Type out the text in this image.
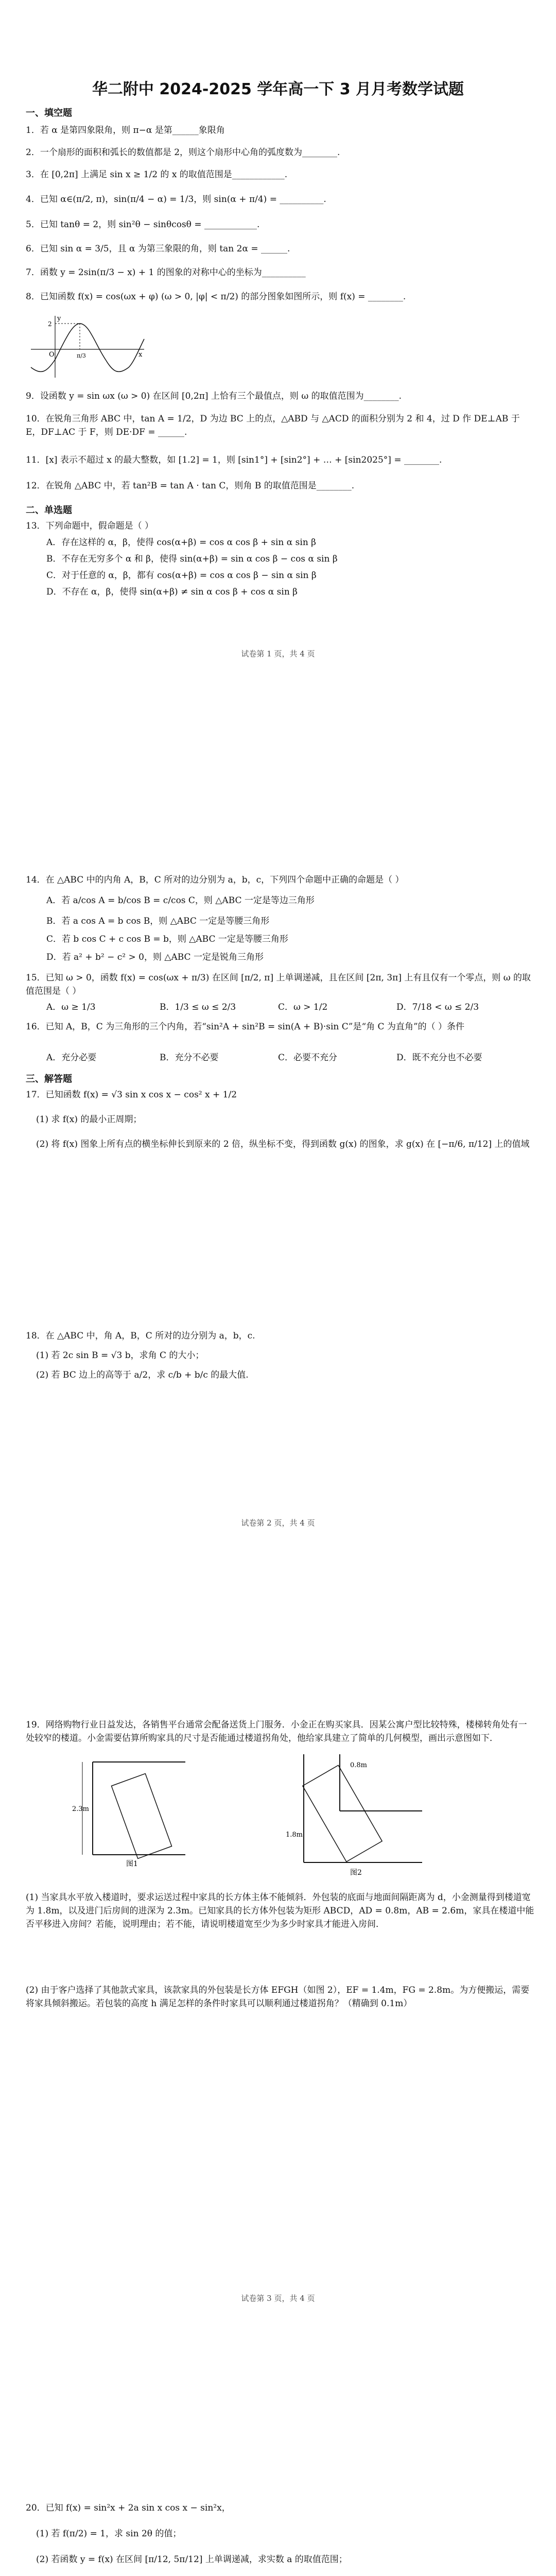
华二附中 2024-2025 学年高一下 3 月月考数学试题
一、填空题
1．若 α 是第四象限角，则 π−α 是第______象限角
2．一个扇形的面积和弧长的数值都是 2，则这个扇形中心角的弧度数为________.
3．在 [0,2π] 上满足 sin x ≥ 1/2 的 x 的取值范围是____________.
4．已知 α∈(π/2, π)，sin(π/4 − α) = 1/3，则 sin(α + π/4) = __________.
5．已知 tanθ = 2，则 sin²θ − sinθcosθ = ____________.
6．已知 sin α = 3/5，且 α 为第三象限的角，则 tan 2α = ______.
7．函数 y = 2sin(π/3 − x) + 1 的图象的对称中心的坐标为__________
8．已知函数 f(x) = cos(ωx + φ) (ω > 0, |φ| < π/2) 的部分图象如图所示，则 f(x) = ________.
y
x
O
2
π/3
9．设函数 y = sin ωx (ω > 0) 在区间 [0,2π] 上恰有三个最值点，则 ω 的取值范围为________.
10．在锐角三角形 ABC 中，tan A = 1/2，D 为边 BC 上的点，△ABD 与 △ACD 的面积分别为 2 和 4，过 D 作 DE⊥AB 于 E，DF⊥AC 于 F，则 DE·DF = ______.
11．[x] 表示不超过 x 的最大整数，如 [1.2] = 1，则 [sin1°] + [sin2°] + … + [sin2025°] = ________.
12．在锐角 △ABC 中，若 tan²B = tan A · tan C，则角 B 的取值范围是________.
二、单选题
13．下列命题中，假命题是（ ）
A．存在这样的 α，β，使得 cos(α+β) = cos α cos β + sin α sin β
B．不存在无穷多个 α 和 β，使得 sin(α+β) = sin α cos β − cos α sin β
C．对于任意的 α，β，都有 cos(α+β) = cos α cos β − sin α sin β
D．不存在 α，β，使得 sin(α+β) ≠ sin α cos β + cos α sin β
试卷第 1 页，共 4 页
14．在 △ABC 中的内角 A，B，C 所对的边分别为 a，b，c，下列四个命题中正确的命题是（ ）
A．若 a/cos A = b/cos B = c/cos C，则 △ABC 一定是等边三角形
B．若 a cos A = b cos B，则 △ABC 一定是等腰三角形
C．若 b cos C + c cos B = b，则 △ABC 一定是等腰三角形
D．若 a² + b² − c² > 0，则 △ABC 一定是锐角三角形
15．已知 ω > 0，函数 f(x) = cos(ωx + π/3) 在区间 [π/2, π] 上单调递减，且在区间 [2π, 3π] 上有且仅有一个零点，则 ω 的取值范围是（ ）
A．ω ≥ 1/3	B．1/3 ≤ ω ≤ 2/3	C．ω > 1/2	D．7/18 < ω ≤ 2/3
16．已知 A，B，C 为三角形的三个内角，若“sin²A + sin²B = sin(A + B)·sin C”是“角 C 为直角”的（ ）条件
A．充分必要	B．充分不必要	C．必要不充分	D．既不充分也不必要
三、解答题
17．已知函数 f(x) = √3 sin x cos x − cos² x + 1/2
(1) 求 f(x) 的最小正周期；
(2) 将 f(x) 图象上所有点的横坐标伸长到原来的 2 倍，纵坐标不变，得到函数 g(x) 的图象，求 g(x) 在 [−π/6, π/12] 上的值域
18．在 △ABC 中，角 A，B，C 所对的边分别为 a，b，c.
(1) 若 2c sin B = √3 b，求角 C 的大小；
(2) 若 BC 边上的高等于 a/2，求 c/b + b/c 的最大值.
试卷第 2 页，共 4 页
19．网络购物行业日益发达，各销售平台通常会配备送货上门服务．小金正在购买家具．因某公寓户型比较特殊，楼梯转角处有一处较窄的楼道。小金需要估算所购家具的尺寸是否能通过楼道拐角处，他给家具建立了简单的几何模型，画出示意图如下．
2.3m
图1
0.8m
1.8m
图2
(1) 当家具水平放入楼道时，要求运送过程中家具的长方体主体不能倾斜．外包装的底面与地面间隔距离为 d，小金测量得到楼道宽为 1.8m，以及进门后房间的进深为 2.3m。已知家具的长方体外包装为矩形 ABCD，AD = 0.8m，AB = 2.6m，家具在楼道中能否平移进入房间？若能，说明理由；若不能，请说明楼道宽至少为多少时家具才能进入房间．
(2) 由于客户选择了其他款式家具，该款家具的外包装是长方体 EFGH（如图 2），EF = 1.4m，FG = 2.8m。为方便搬运，需要将家具倾斜搬运。若包装的高度 h 满足怎样的条件时家具可以顺利通过楼道拐角？（精确到 0.1m）
试卷第 3 页，共 4 页
20．已知 f(x) = sin²x + 2a sin x cos x − sin²x，
(1) 若 f(π/2) = 1，求 sin 2θ 的值；
(2) 若函数 y = f(x) 在区间 [π/12, 5π/12] 上单调递减，求实数 a 的取值范围；
